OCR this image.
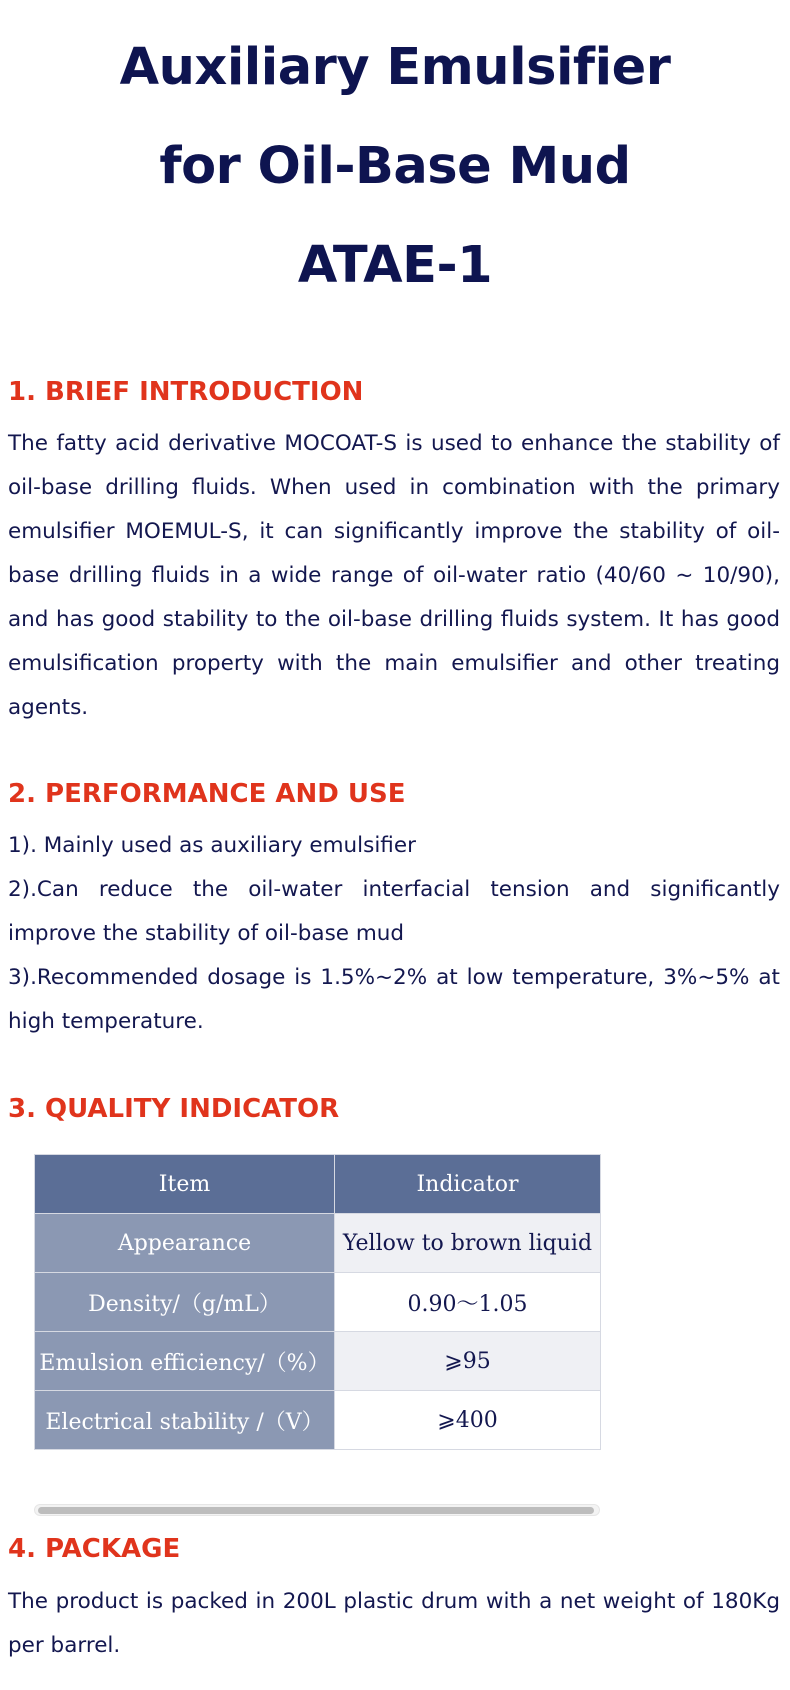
Auxiliary Emulsifier
for Oil-Base Mud
ATAE-1
1. BRIEF INTRODUCTION

The fatty acid derivative MOCOAT-S is used to enhance the stability of oil-base drilling fluids. When used in combination with the primary emulsifier MOEMUL-S, it can significantly improve the stability of oil-base drilling fluids in a wide range of oil-water ratio (40/60 ~ 10/90), and has good stability to the oil-base drilling fluids system. It has good emulsification property with the main emulsifier and other treating agents.

2. PERFORMANCE AND USE

1). Mainly used as auxiliary emulsifier

2).Can reduce the oil-water interfacial tension and significantly improve the stability of oil-base mud

3).Recommended dosage is 1.5%~2% at low temperature, 3%~5% at high temperature.

3. QUALITY INDICATOR
Item	Indicator
Appearance	Yellow to brown liquid
Density/（g/mL）	0.90～1.05
Emulsion efficiency/（%）	⩾95
Electrical stability /（V）	⩾400
4. PACKAGE

The product is packed in 200L plastic drum with a net weight of 180Kg per barrel.
